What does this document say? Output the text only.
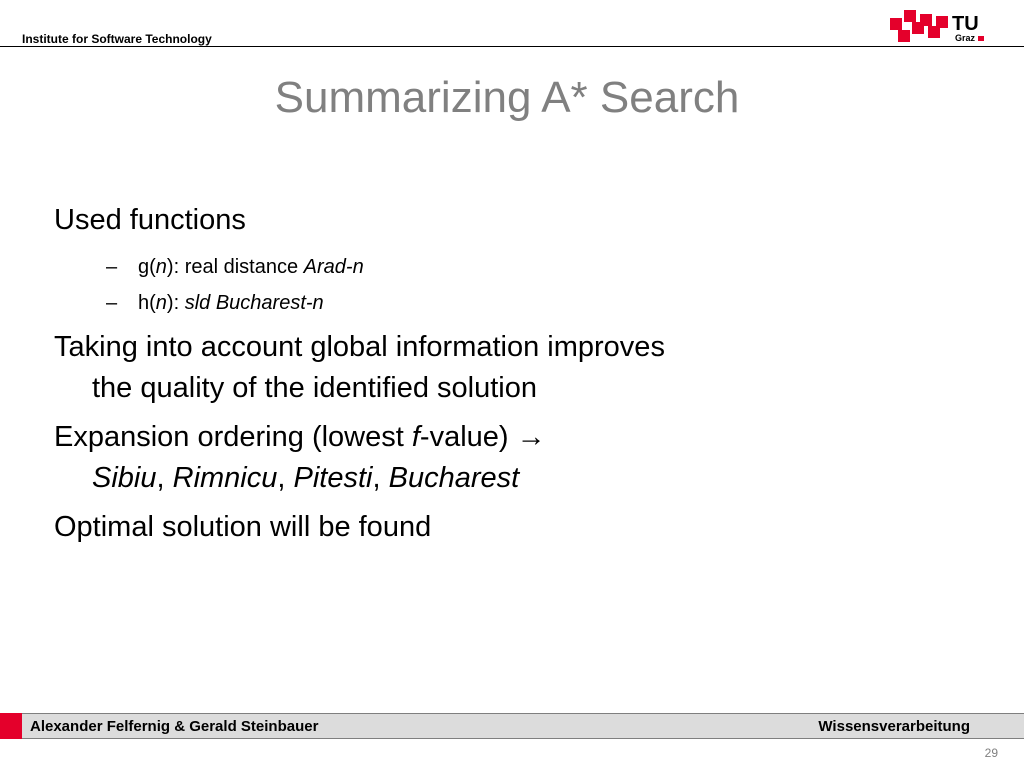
Institute for Software Technology
TU
Graz
Summarizing A* Search
Used functions
– g(n): real distance Arad-n
– h(n): sld Bucharest-n
Taking into account global information improves
the quality of the identified solution
Expansion ordering (lowest f-value) →
Sibiu, Rimnicu, Pitesti, Bucharest
Optimal solution will be found
Alexander Felfernig & Gerald Steinbauer	Wissensverarbeitung
29
